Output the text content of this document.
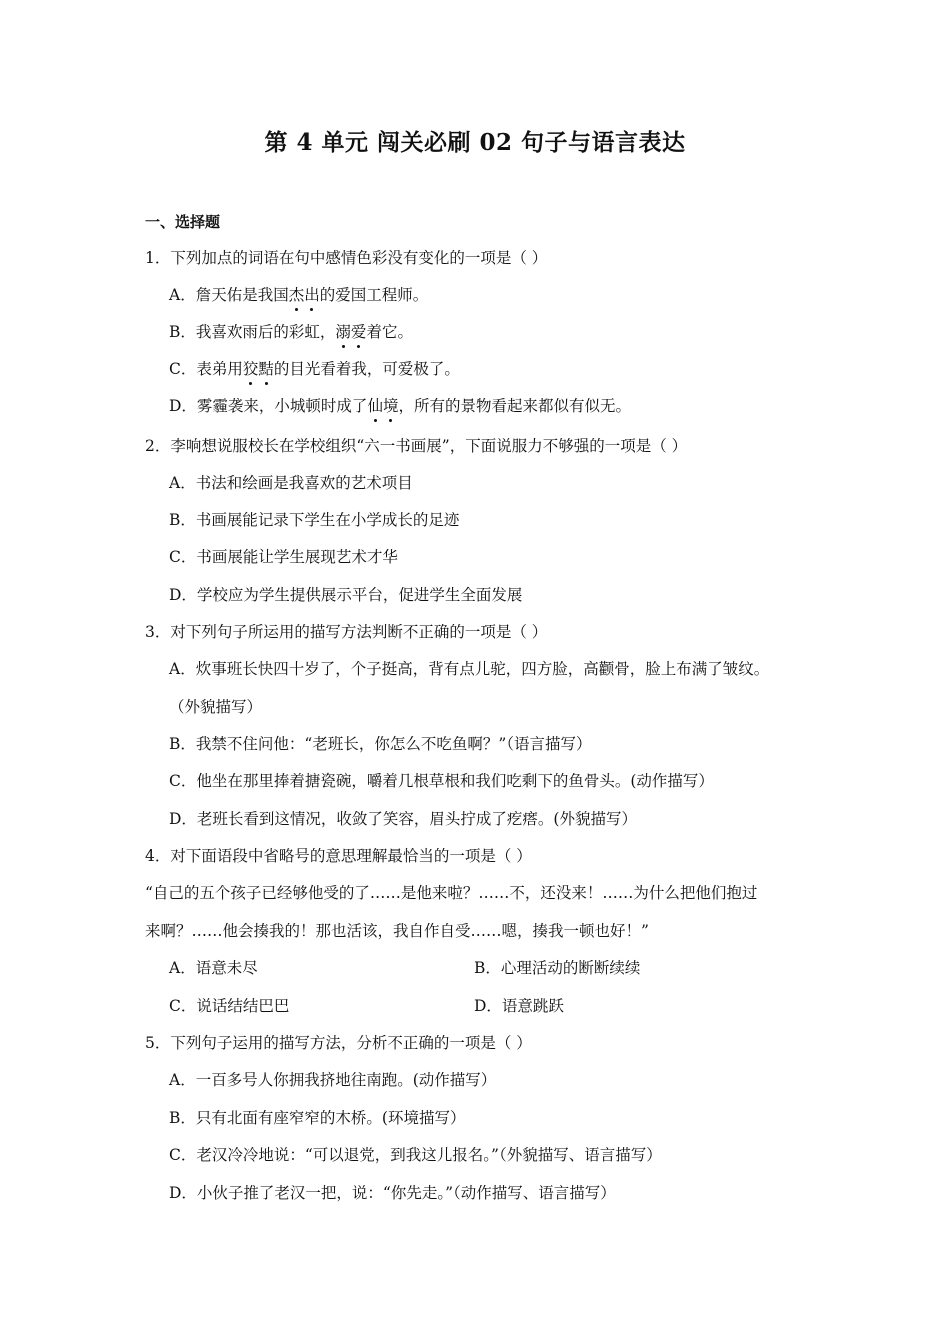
第 4 单元 闯关必刷 02 句子与语言表达
一、选择题
1．下列加点的词语在句中感情色彩没有变化的一项是（ ）
A．詹天佑是我国杰出的爱国工程师。
B．我喜欢雨后的彩虹，溺爱着它。
C．表弟用狡黠的目光看着我，可爱极了。
D．雾霾袭来，小城顿时成了仙境，所有的景物看起来都似有似无。
2．李响想说服校长在学校组织“六一书画展”，下面说服力不够强的一项是（ ）
A．书法和绘画是我喜欢的艺术项目
B．书画展能记录下学生在小学成长的足迹
C．书画展能让学生展现艺术才华
D．学校应为学生提供展示平台，促进学生全面发展
3．对下列句子所运用的描写方法判断不正确的一项是（ ）
A．炊事班长快四十岁了，个子挺高，背有点儿驼，四方脸，高颧骨，脸上布满了皱纹。
（外貌描写）
B．我禁不住问他：“老班长，你怎么不吃鱼啊？”（语言描写）
C．他坐在那里捧着搪瓷碗，嚼着几根草根和我们吃剩下的鱼骨头。(动作描写）
D．老班长看到这情况，收敛了笑容，眉头拧成了疙瘩。(外貌描写）
4．对下面语段中省略号的意思理解最恰当的一项是（ ）
“自己的五个孩子已经够他受的了……是他来啦？……不，还没来！……为什么把他们抱过
来啊？……他会揍我的！那也活该，我自作自受……嗯，揍我一顿也好！”
A．语意未尽	B．心理活动的断断续续
C．说话结结巴巴	D．语意跳跃
5．下列句子运用的描写方法，分析不正确的一项是（ ）
A．一百多号人你拥我挤地往南跑。(动作描写）
B．只有北面有座窄窄的木桥。(环境描写）
C．老汉冷冷地说：“可以退党，到我这儿报名。”（外貌描写、语言描写）
D．小伙子推了老汉一把，说：“你先走。”（动作描写、语言描写）
